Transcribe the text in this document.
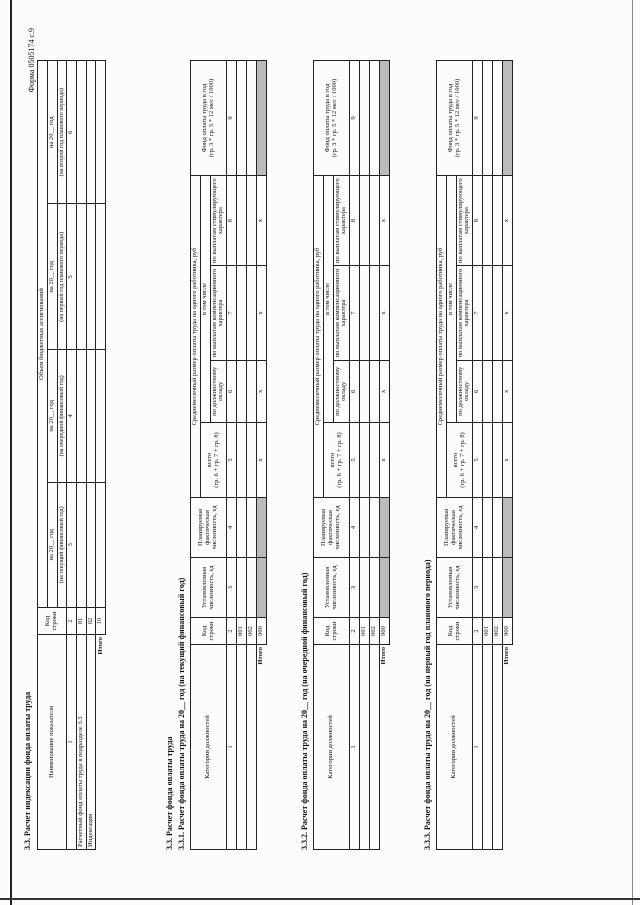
Форма 0505174 с.9
3.3. Расчет индексации фонда оплаты труда Наименование показателя	Код строки	Объем бюджетных ассигнований			
		на 20__ год	на 20__ год	на 20__ год	на 20__ год
		(на текущий финансовый год)	(на очередной финансовый год)	(на первый год планового периода)	(на второй год планового периода)
1	2	3	4	5	6
Расчетный фонд оплаты труда в подразделе 3.3	01				
Индексация	02				
Итого	10				
3.3. Расчет фонда оплаты труда 3.3.1. Расчет фонда оплаты труда на 20__ год (на текущий финансовый год)	Категории должностей	Код строки	Установленная численность, ед	Планируемая фактическая численность, ед	Среднемесячный размер оплаты труда на одного работника, руб				Фонд оплаты труда в год
(гр. 3 * гр. 5 * 12 мес / 1000)
				всего
(гр. 6 + гр. 7 + гр. 8)	в том числе			
					по должностному окладу	по выплатам компенсационного характера	по выплатам стимулирующего характера	

1	2	3	4	5	6	7	8	9
	001							
	002							
Итого	900			х	х	х	х	
3.3.2. Расчет фонда оплаты труда на 20__ год (на очередной финансовый год)	Категории должностей	Код строки	Установленная численность, ед	Планируемая фактическая численность, ед	Среднемесячный размер оплаты труда на одного работника, руб				Фонд оплаты труда в год
(гр. 3 * гр. 5 * 12 мес / 1000)
				всего
(гр. 6 + гр. 7 + гр. 8)	в том числе			
					по должностному окладу	по выплатам компенсационного характера	по выплатам стимулирующего характера	

1	2	3	4	5	6	7	8	9
	001							
	002							
Итого	900			х	х	х	х	
3.3.3. Расчет фонда оплаты труда на 20__ год (на первый год планового периода)	Категории должностей	Код строки	Установленная численность, ед	Планируемая фактическая численность, ед	Среднемесячный размер оплаты труда на одного работника, руб				Фонд оплаты труда в год
(гр. 3 * гр. 5 * 12 мес / 1000)
				всего
(гр. 6 + гр. 7 + гр. 8)	в том числе			
					по должностному окладу	по выплатам компенсационного характера	по выплатам стимулирующего характера	

1	2	3	4	5	6	7	8	9
	001							
	002							
Итого	900			х	х	х	х	
